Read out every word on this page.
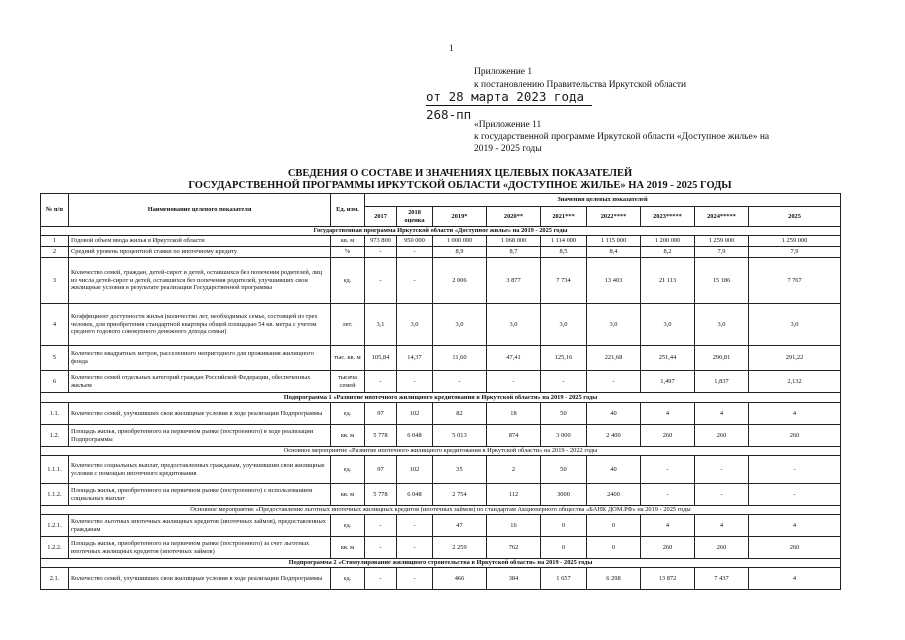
1
Приложение 1
к постановлению Правительства Иркутской области
от 28 марта 2023 года
268-пп
«Приложение 11
к государственной программе Иркутской области «Доступное жилье» на
2019 - 2025 годы
СВЕДЕНИЯ О СОСТАВЕ И ЗНАЧЕНИЯХ ЦЕЛЕВЫХ ПОКАЗАТЕЛЕЙ
ГОСУДАРСТВЕННОЙ ПРОГРАММЫ ИРКУТСКОЙ ОБЛАСТИ «ДОСТУПНОЕ ЖИЛЬЕ» НА 2019 - 2025 ГОДЫ
№ п/п	Наименование целевого показателя	Ед. изм.	Значения целевых показателей								
			2017	2018 оценка	2019*	2020**	2021***	2022****	2023*****	2024*****	2025
Государственная программа Иркутской области «Доступное жилье» на 2019 - 2025 годы											
1	Годовой объем ввода жилья в Иркутской области	кв. м	973 800	950 000	1 000 000	1 068 000	1 114 000	1 115 000	1 200 000	1 259 000	1 259 000
2	Средний уровень процентной ставки по ипотечному кредиту	%	-	-	8,9	8,7	8,5	8,4	8,2	7,9	7,9
3	Количество семей, граждан, детей-сирот и детей, оставшихся без попечения родителей, лиц из числа детей-сирот и детей, оставшихся без попечения родителей, улучшивших свои жилищные условия в результате реализации Государственной программы	ед.	-	-	2 006	3 877	7 734	13 403	21 113	15 186	7 767
4	Коэффициент доступности жилья (количество лет, необходимых семье, состоящей из трех человек, для приобретения стандартной квартиры общей площадью 54 кв. метра с учетом среднего годового совокупного денежного дохода семьи)	лет.	3,1	3,0	3,0	3,0	3,0	3,0	3,0	3,0	3,0
5	Количество квадратных метров, расселенного непригодного для проживания жилищного фонда	тыс. кв. м	105,84	14,37	11,60	47,41	125,16	221,68	251,44	290,81	291,22
6	Количество семей отдельных категорий граждан Российской Федерации, обеспеченных жильем	тысяча семей	-	-	-	-	-	-	1,497	1,837	2,132
Подпрограмма 1 «Развитие ипотечного жилищного кредитования в Иркутской области» на 2019 - 2025 годы											
1.1.	Количество семей, улучшивших свои жилищные условия в ходе реализации Подпрограммы	ед.	97	102	82	18	50	40	4	4	4
1.2.	Площадь жилья, приобретенного на первичном рынке (построенного) в ходе реализации Подпрограммы	кв. м	5 778	6 048	5 013	874	3 000	2 400	260	260	260
Основное мероприятие «Развитие ипотечного жилищного кредитования в Иркутской области» на 2019 - 2022 годы											
1.1.1.	Количество социальных выплат, предоставленных гражданам, улучшившим свои жилищные условия с помощью ипотечного кредитования	ед.	97	102	35	2	50	40	-	-	-
1.1.2.	Площадь жилья, приобретенного на первичном рынке (построенного) с использованием социальных выплат	кв. м	5 778	6 048	2 754	112	3000	2400	-	-	-
Основное мероприятие «Предоставление льготных ипотечных жилищных кредитов (ипотечных займов) по стандартам Акционерного общества «БАНК ДОМ.РФ» на 2019 - 2025 годы											
1.2.1.	Количество льготных ипотечных жилищных кредитов (ипотечных займов), предоставленных гражданам	ед.	-	-	47	16	0	0	4	4	4
1.2.2.	Площадь жилья, приобретенного на первичном рынке (построенного) за счет льготных ипотечных жилищных кредитов (ипотечных займов)	кв. м	-	-	2 259	762	0	0	260	260	260
Подпрограмма 2 «Стимулирование жилищного строительства в Иркутской области» на 2019 - 2025 годы											
2.1.	Количество семей, улучшивших свои жилищные условия в ходе реализации Подпрограммы	ед.	-	-	466	384	1 657	6 298	13 872	7 437	4
